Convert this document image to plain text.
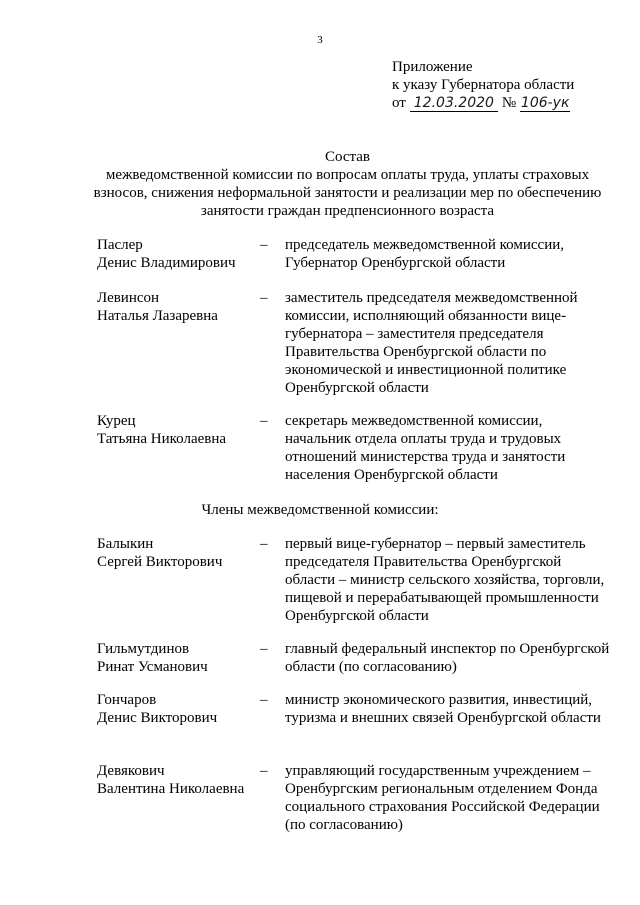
3
Приложение
к указу Губернатора области
от 12.03.2020 № 106-ук
Состав
межведомственной комиссии по вопросам оплаты труда, уплаты страховых взносов, снижения неформальной занятости и реализации мер по обеспечению занятости граждан предпенсионного возраста
Паслер
Денис Владимирович
– председатель межведомственной комиссии, Губернатор Оренбургской области
Левинсон
Наталья Лазаревна
– заместитель председателя межведомственной комиссии, исполняющий обязанности вице-губернатора – заместителя председателя Правительства Оренбургской области по экономической и инвестиционной политике Оренбургской области
Курец
Татьяна Николаевна
– секретарь межведомственной комиссии, начальник отдела оплаты труда и трудовых отношений министерства труда и занятости населения Оренбургской области
Члены межведомственной комиссии:
Балыкин
Сергей Викторович
– первый вице-губернатор – первый заместитель председателя Правительства Оренбургской области – министр сельского хозяйства, торговли, пищевой и перерабатывающей промышленности Оренбургской области
Гильмутдинов
Ринат Усманович
– главный федеральный инспектор по Оренбургской области (по согласованию)
Гончаров
Денис Викторович
– министр экономического развития, инвестиций, туризма и внешних связей Оренбургской области
Девякович
Валентина Николаевна
– управляющий государственным учреждением – Оренбургским региональным отделением Фонда социального страхования Российской Федерации (по согласованию)
